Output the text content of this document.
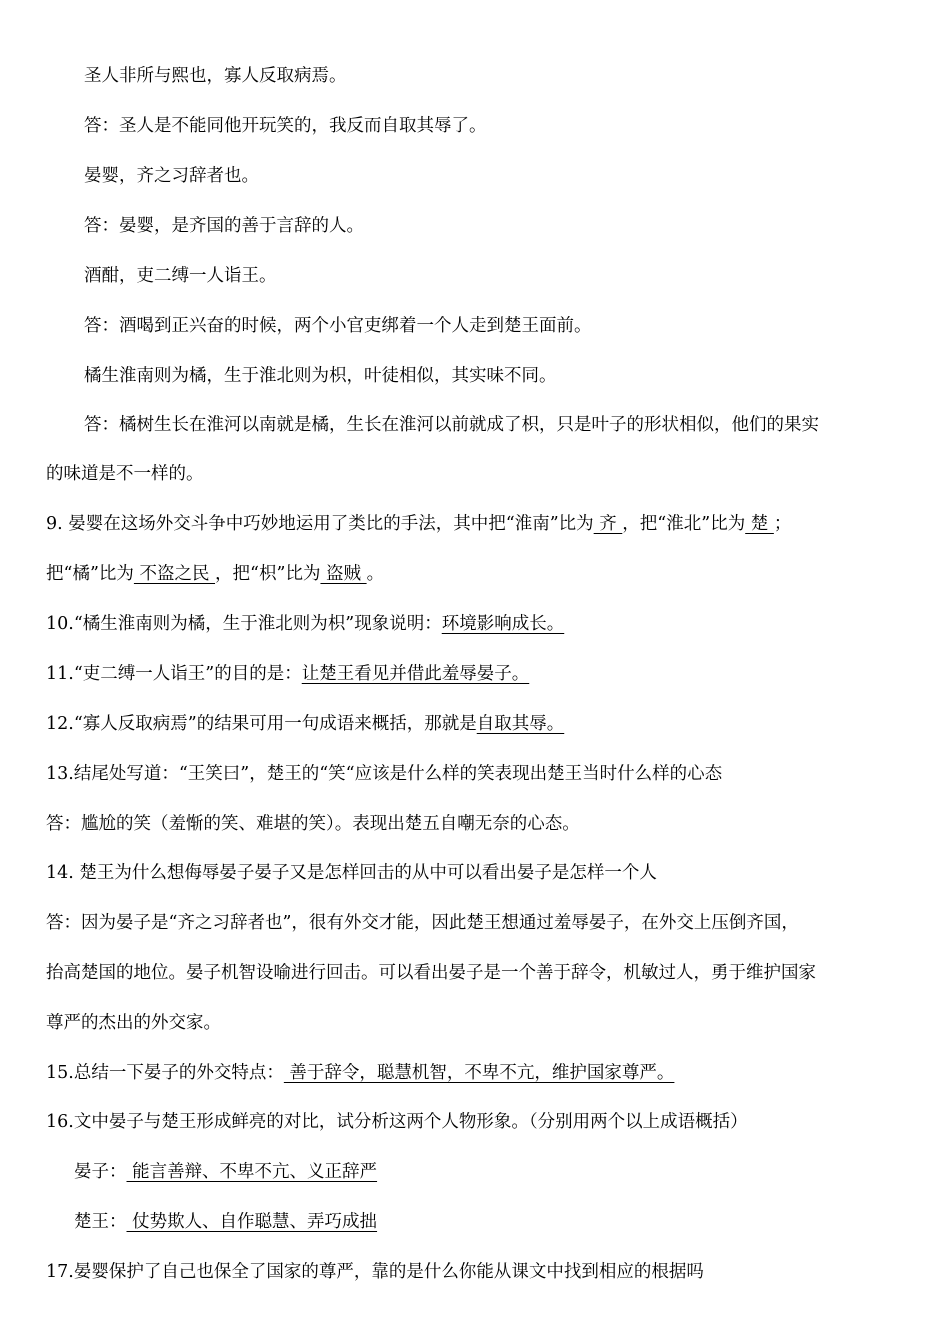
圣人非所与熙也，寡人反取病焉。
答：圣人是不能同他开玩笑的，我反而自取其辱了。
晏婴，齐之习辞者也。
答：晏婴，是齐国的善于言辞的人。
酒酣，吏二缚一人诣王。
答：酒喝到正兴奋的时候，两个小官吏绑着一个人走到楚王面前。
橘生淮南则为橘，生于淮北则为枳，叶徒相似，其实味不同。
答：橘树生长在淮河以南就是橘，生长在淮河以前就成了枳，只是叶子的形状相似，他们的果实
的味道是不一样的。
9. 晏婴在这场外交斗争中巧妙地运用了类比的手法，其中把“淮南”比为 齐 ，把“淮北”比为 楚 ；
把“橘”比为 不盗之民 ，把“枳”比为 盗贼 。
10.“橘生淮南则为橘，生于淮北则为枳”现象说明：环境影响成长。
11.“吏二缚一人诣王”的目的是：让楚王看见并借此羞辱晏子。
12.“寡人反取病焉”的结果可用一句成语来概括，那就是自取其辱。
13.结尾处写道：“王笑曰”，楚王的“笑“应该是什么样的笑表现出楚王当时什么样的心态
答：尴尬的笑（羞惭的笑、难堪的笑）。表现出楚五自嘲无奈的心态。
14. 楚王为什么想侮辱晏子晏子又是怎样回击的从中可以看出晏子是怎样一个人
答：因为晏子是“齐之习辞者也”，很有外交才能，因此楚王想通过羞辱晏子，在外交上压倒齐国，
抬高楚国的地位。晏子机智设喻进行回击。可以看出晏子是一个善于辞令，机敏过人，勇于维护国家
尊严的杰出的外交家。
15.总结一下晏子的外交特点： 善于辞令，聪慧机智，不卑不亢，维护国家尊严。
16.文中晏子与楚王形成鲜亮的对比，试分析这两个人物形象。（分别用两个以上成语概括）
晏子： 能言善辩、不卑不亢、义正辞严
楚王： 仗势欺人、自作聪慧、弄巧成拙
17.晏婴保护了自己也保全了国家的尊严，靠的是什么你能从课文中找到相应的根据吗
